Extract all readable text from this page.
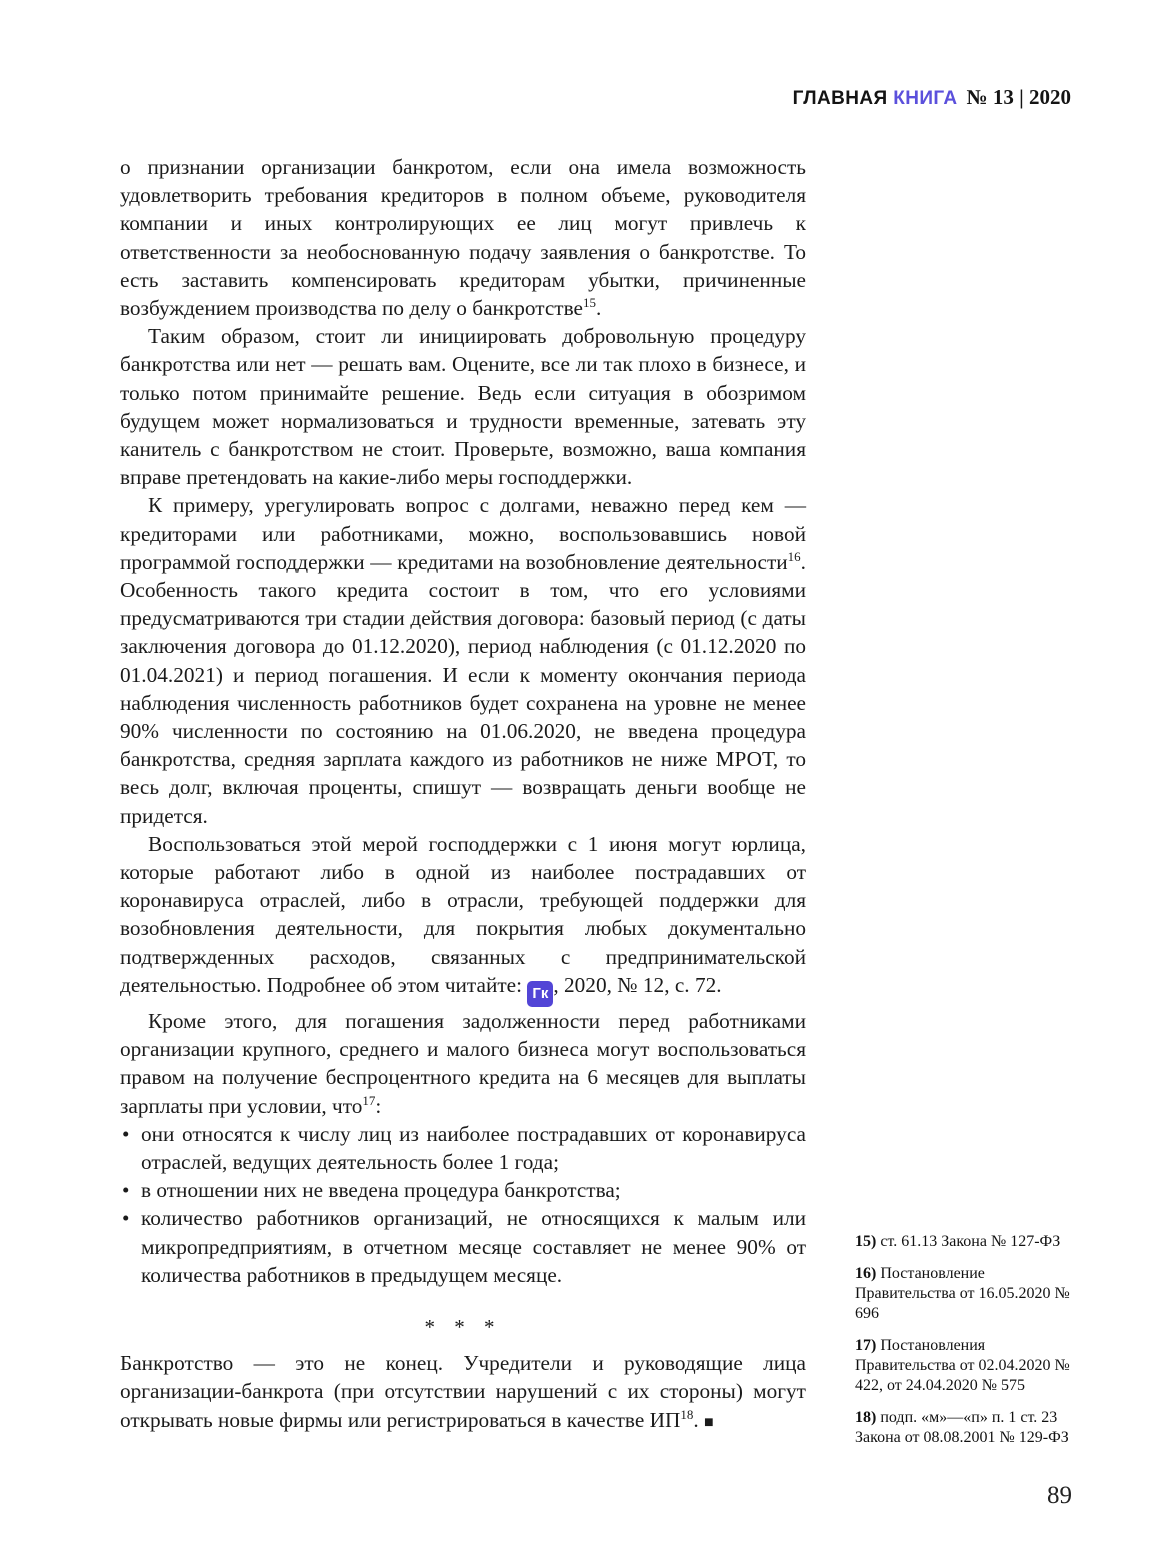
ГЛАВНАЯ КНИГА № 13 | 2020

о признании организации банкротом, если она имела возможность удовлетворить требования кредиторов в полном объеме, руководителя компании и иных контролирующих ее лиц могут привлечь к ответственности за необоснованную подачу заявления о банкротстве. То есть заставить компенсировать кредиторам убытки, причиненные возбуждением производства по делу о банкротстве$^{15}$.

Таким образом, стоит ли инициировать добровольную процедуру банкротства или нет — решать вам. Оцените, все ли так плохо в бизнесе, и только потом принимайте решение. Ведь если ситуация в обозримом будущем может нормализоваться и трудности временные, затевать эту канитель с банкротством не стоит. Проверьте, возможно, ваша компания вправе претендовать на какие-либо меры господдержки.

К примеру, урегулировать вопрос с долгами, неважно перед кем — кредиторами или работниками, можно, воспользовавшись новой программой господдержки — кредитами на возобновление деятельности$^{16}$. Особенность такого кредита состоит в том, что его условиями предусматриваются три стадии действия договора: базовый период (с даты заключения договора до 01.12.2020), период наблюдения (с 01.12.2020 по 01.04.2021) и период погашения. И если к моменту окончания периода наблюдения численность работников будет сохранена на уровне не менее 90% численности по состоянию на 01.06.2020, не введена процедура банкротства, средняя зарплата каждого из работников не ниже МРОТ, то весь долг, включая проценты, спишут — возвращать деньги вообще не придется.

Воспользоваться этой мерой господдержки с 1 июня могут юрлица, которые работают либо в одной из наиболее пострадавших от коронавируса отраслей, либо в отрасли, требующей поддержки для возобновления деятельности, для покрытия любых документально подтвержденных расходов, связанных с предпринимательской деятельностью. Подробнее об этом читайте: Гк , 2020, № 12, с. 72.

Кроме этого, для погашения задолженности перед работниками организации крупного, среднего и малого бизнеса могут воспользоваться правом на получение беспроцентного кредита на 6 месяцев для выплаты зарплаты при условии, что$^{17}$:

• они относятся к числу лиц из наиболее пострадавших от коронавируса отраслей, ведущих деятельность более 1 года;
• в отношении них не введена процедура банкротства;
• количество работников организаций, не относящихся к малым или микропредприятиям, в отчетном месяце составляет не менее 90% от количества работников в предыдущем месяце.
* * *

Банкротство — это не конец. Учредители и руководящие лица организации-банкрота (при отсутствии нарушений с их стороны) могут открывать новые фирмы или регистрироваться в качестве ИП$^{18}$. ■

15) ст. 61.13 Закона № 127-ФЗ
16) Постановление Правительства от 16.05.2020 № 696
17) Постановления Правительства от 02.04.2020 № 422, от 24.04.2020 № 575
18) подп. «м»—«п» п. 1 ст. 23 Закона от 08.08.2001 № 129-ФЗ
89
